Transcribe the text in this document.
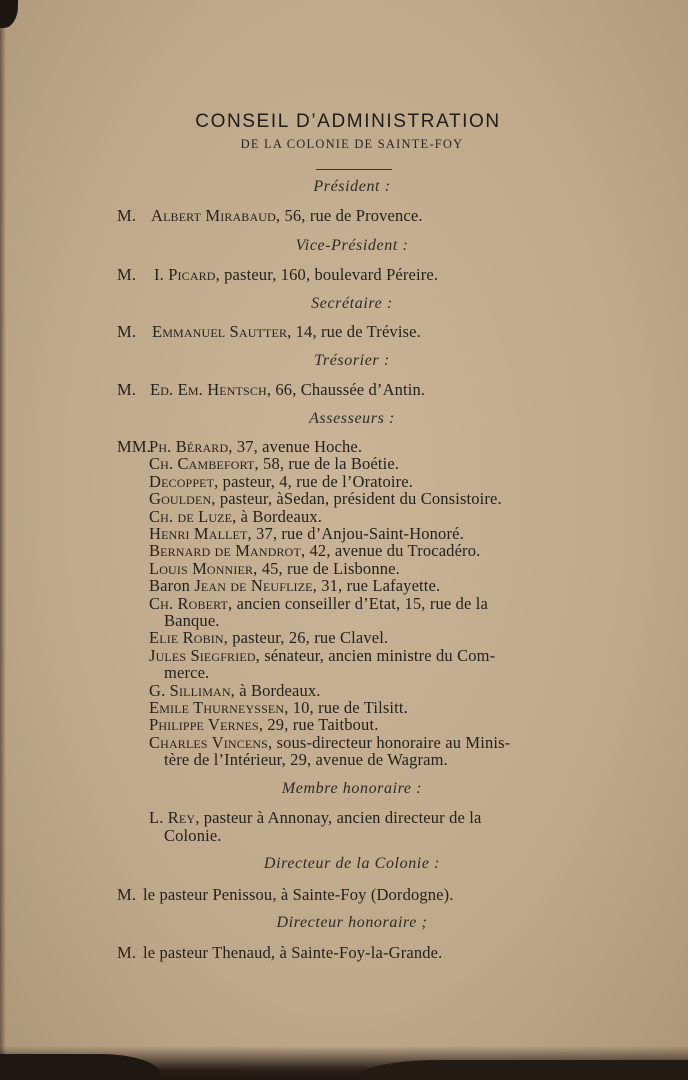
CONSEIL D’ADMINISTRATION
DE LA COLONIE DE SAINTE-FOY
Président :
M. Albert Mirabaud, 56, rue de Provence.
Vice-Président :
M. I. Picard, pasteur, 160, boulevard Péreire.
Secrétaire :
M. Emmanuel Sautter, 14, rue de Trévise.
Trésorier :
M. Ed. Em. Hentsch, 66, Chaussée d’Antin.
Assesseurs :
MM.
Ph. Bérard, 37, avenue Hoche.
Ch. Cambefort, 58, rue de la Boétie.
Decoppet, pasteur, 4, rue de l’Oratoire.
Goulden, pasteur, àSedan, président du Consistoire.
Ch. de Luze, à Bordeaux.
Henri Mallet, 37, rue d’Anjou-Saint-Honoré.
Bernard de Mandrot, 42, avenue du Trocadéro.
Louis Monnier, 45, rue de Lisbonne.
Baron Jean de Neuflize, 31, rue Lafayette.
Ch. Robert, ancien conseiller d’Etat, 15, rue de la
Banque.
Elie Robin, pasteur, 26, rue Clavel.
Jules Siegfried, sénateur, ancien ministre du Com-
merce.
G. Silliman, à Bordeaux.
Emile Thurneyssen, 10, rue de Tilsitt.
Philippe Vernes, 29, rue Taitbout.
Charles Vincens, sous-directeur honoraire au Minis-
tère de l’Intérieur, 29, avenue de Wagram.
Membre honoraire :
L. Rey, pasteur à Annonay, ancien directeur de la
Colonie.
Directeur de la Colonie :
M. le pasteur Penissou, à Sainte-Foy (Dordogne).
Directeur honoraire ;
M. le pasteur Thenaud, à Sainte-Foy-la-Grande.
